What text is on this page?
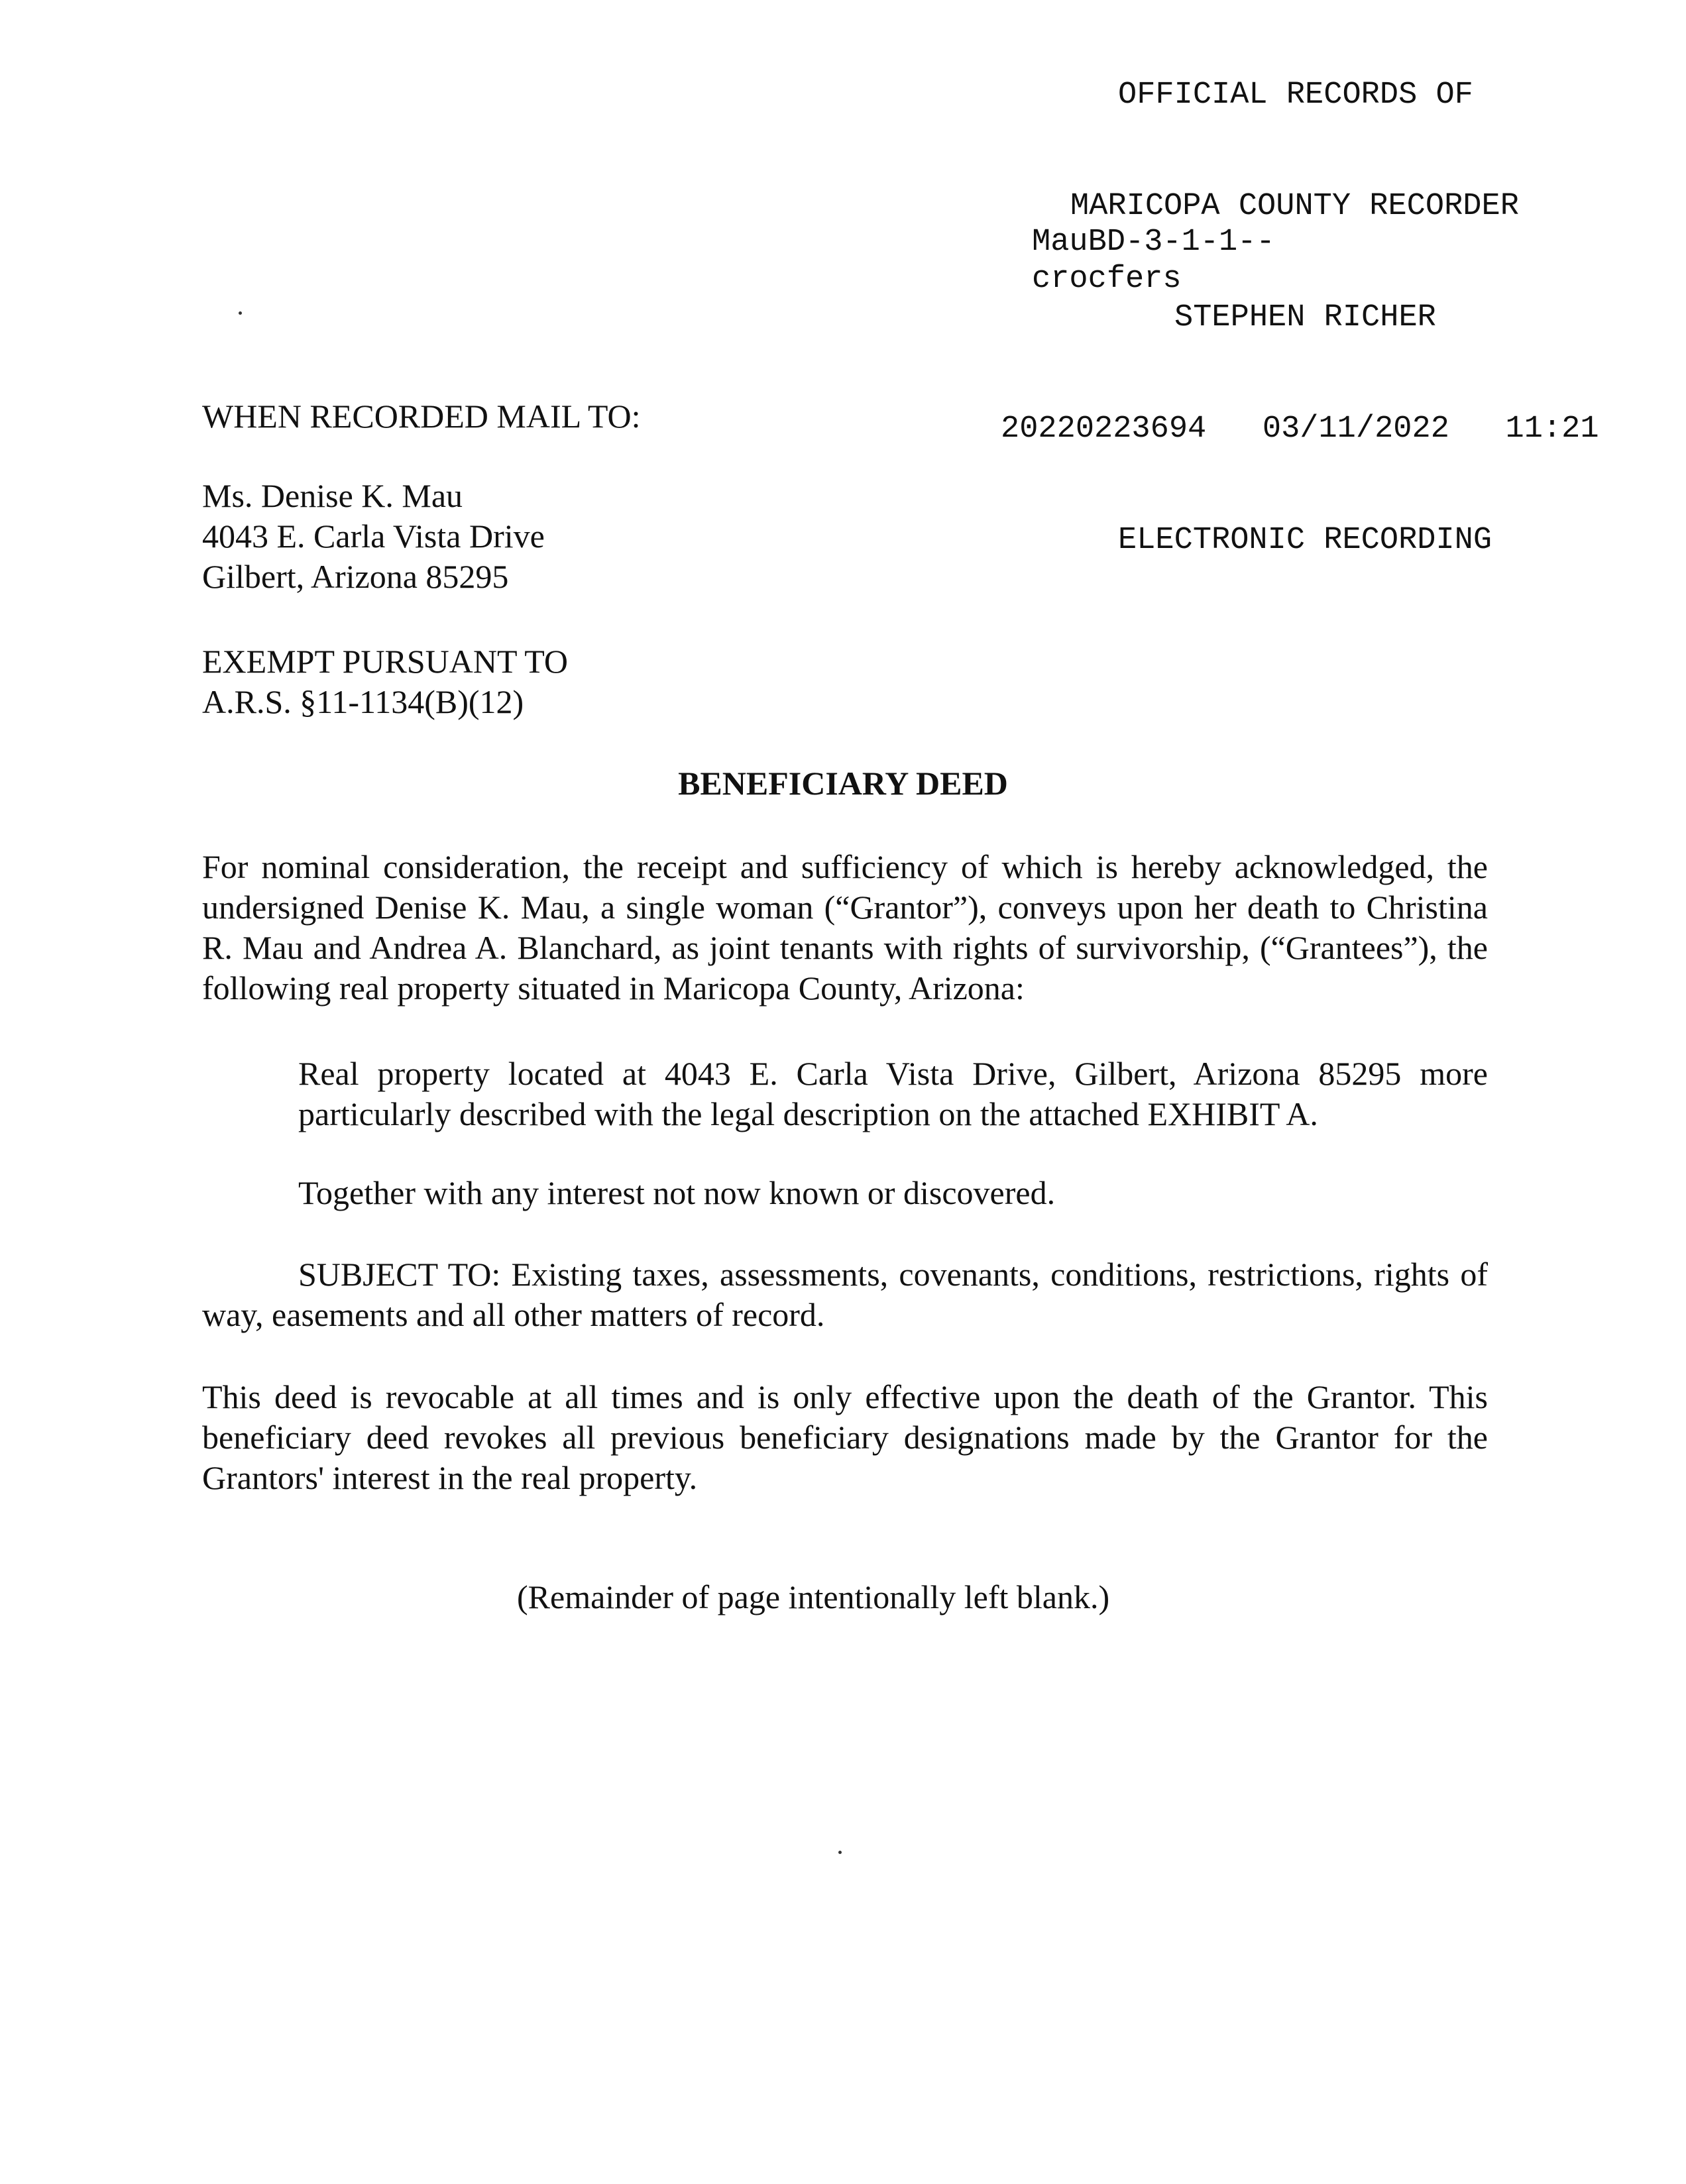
OFFICIAL RECORDS OF

MARICOPA COUNTY RECORDER

STEPHEN RICHER

20220223694   03/11/2022   11:21

ELECTRONIC RECORDING

MauBD-3-1-1--
crocfers
WHEN RECORDED MAIL TO:
Ms. Denise K. Mau
4043 E. Carla Vista Drive
Gilbert, Arizona 85295
EXEMPT PURSUANT TO
A.R.S. §11-1134(B)(12)
BENEFICIARY DEED
For nominal consideration, the receipt and sufficiency of which is hereby acknowledged, the undersigned Denise K. Mau, a single woman (“Grantor”), conveys upon her death to Christina R. Mau and Andrea A. Blanchard, as joint tenants with rights of survivorship, (“Grantees”), the following real property situated in Maricopa County, Arizona:
Real property located at 4043 E. Carla Vista Drive, Gilbert, Arizona 85295 more particularly described with the legal description on the attached EXHIBIT A.
Together with any interest not now known or discovered.
SUBJECT TO: Existing taxes, assessments, covenants, conditions, restrictions, rights of way, easements and all other matters of record.
This deed is revocable at all times and is only effective upon the death of the Grantor. This beneficiary deed revokes all previous beneficiary designations made by the Grantor for the Grantors' interest in the real property.
(Remainder of page intentionally left blank.)
